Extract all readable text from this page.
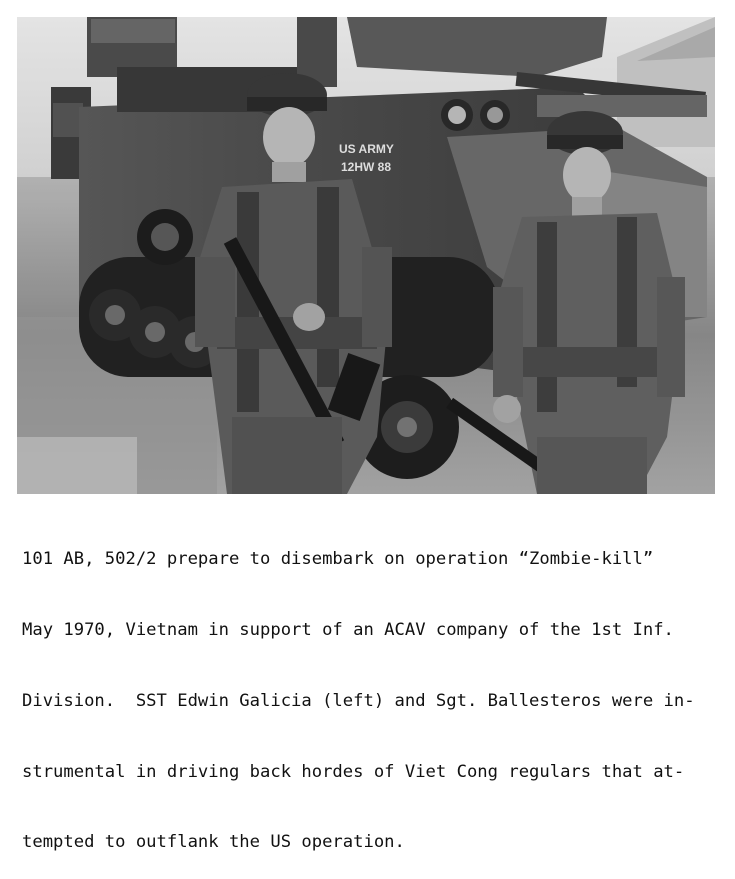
US ARMY
12HW 88

101 AB, 502/2 prepare to disembark on operation “Zombie-kill”

May 1970, Vietnam in support of an ACAV company of the 1st Inf.

Division.  SST Edwin Galicia (left) and Sgt. Ballesteros were in-

strumental in driving back hordes of Viet Cong regulars that at-

tempted to outflank the US operation.
